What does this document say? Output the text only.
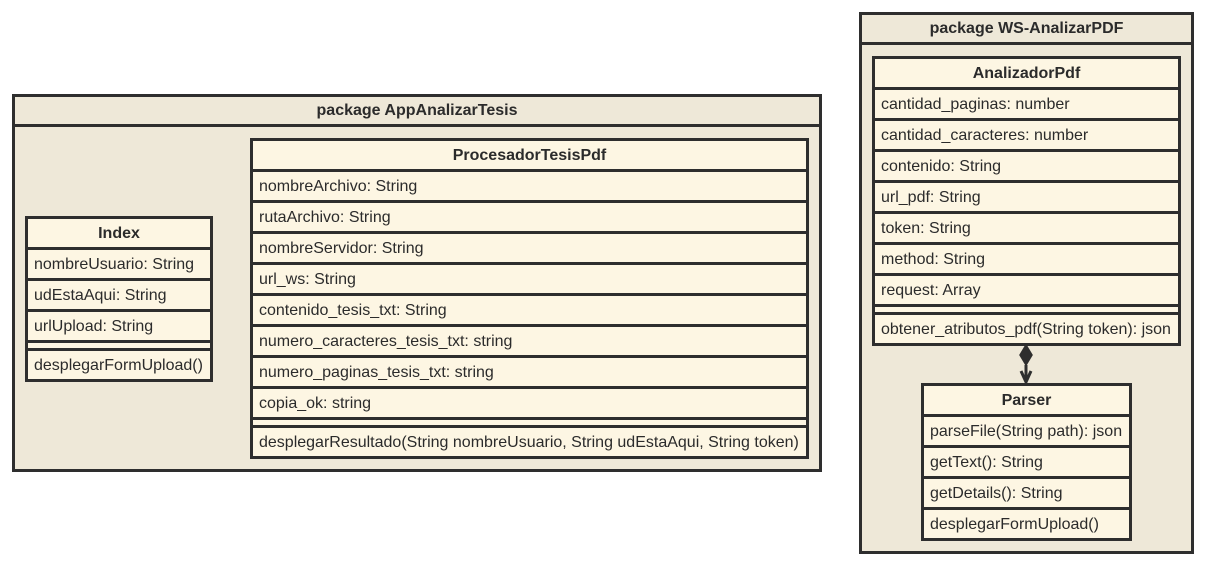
package AppAnalizarTesis
package WS-AnalizarPDF
Index
nombreUsuario: String
udEstaAqui: String
urlUpload: String
desplegarFormUpload()
ProcesadorTesisPdf
nombreArchivo: String
rutaArchivo: String
nombreServidor: String
url_ws: String
contenido_tesis_txt: String
numero_caracteres_tesis_txt: string
numero_paginas_tesis_txt: string
copia_ok: string
desplegarResultado(String nombreUsuario, String udEstaAqui, String token)
AnalizadorPdf
cantidad_paginas: number
cantidad_caracteres: number
contenido: String
url_pdf: String
token: String
method: String
request: Array
obtener_atributos_pdf(String token): json
Parser
parseFile(String path): json
getText(): String
getDetails(): String
desplegarFormUpload()
